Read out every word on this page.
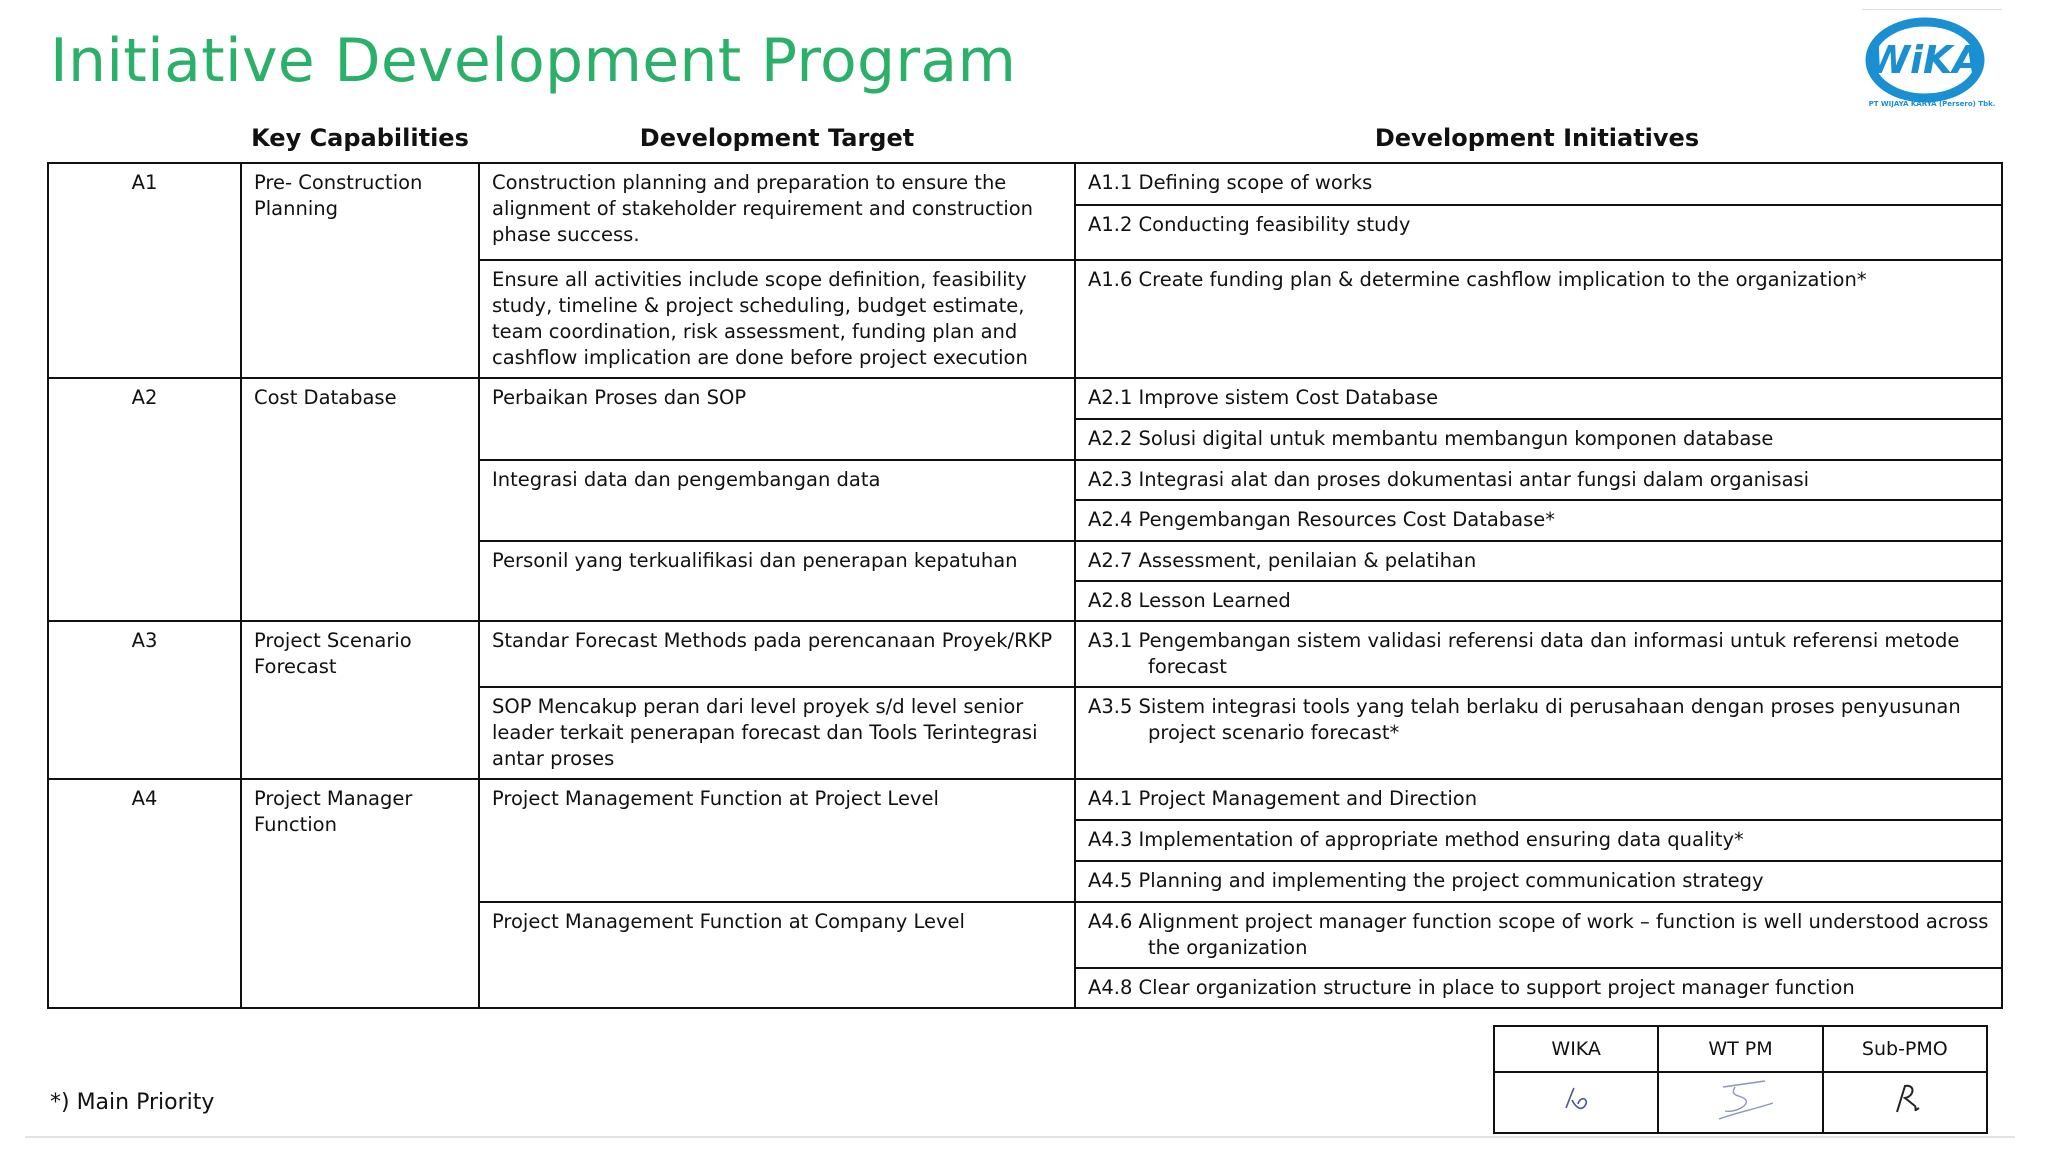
Initiative Development Program	WiKA
PT WIJAYA KARYA (Persero) Tbk.
Key Capabilities	Development Target	Development Initiatives
A1	Pre- Construction Planning	Construction planning and preparation to ensure the alignment of stakeholder requirement and construction phase success.	A1.1 Defining scope of works
			A1.2 Conducting feasibility study
		Ensure all activities include scope definition, feasibility study, timeline & project scheduling, budget estimate, team coordination, risk assessment, funding plan and cashflow implication are done before project execution	A1.6 Create funding plan & determine cashflow implication to the organization*
A2	Cost Database	Perbaikan Proses dan SOP	A2.1 Improve sistem Cost Database
			A2.2 Solusi digital untuk membantu membangun komponen database
		Integrasi data dan pengembangan data	A2.3 Integrasi alat dan proses dokumentasi antar fungsi dalam organisasi
			A2.4 Pengembangan Resources Cost Database*
		Personil yang terkualifikasi dan penerapan kepatuhan	A2.7 Assessment, penilaian & pelatihan
			A2.8 Lesson Learned
A3	Project Scenario Forecast	Standar Forecast Methods pada perencanaan Proyek/RKP	A3.1 Pengembangan sistem validasi referensi data dan informasi untuk referensi metode forecast

		SOP Mencakup peran dari level proyek s/d level senior leader terkait penerapan forecast dan Tools Terintegrasi antar proses	A3.5 Sistem integrasi tools yang telah berlaku di perusahaan dengan proses penyusunan project scenario forecast*

A4	Project Manager Function	Project Management Function at Project Level	A4.1 Project Management and Direction
			A4.3 Implementation of appropriate method ensuring data quality*
			A4.5 Planning and implementing the project communication strategy
		Project Management Function at Company Level	A4.6 Alignment project manager function scope of work – function is well understood across the organization

			A4.8 Clear organization structure in place to support project manager function
*) Main Priority
WIKA	WT PM	Sub-PMO
